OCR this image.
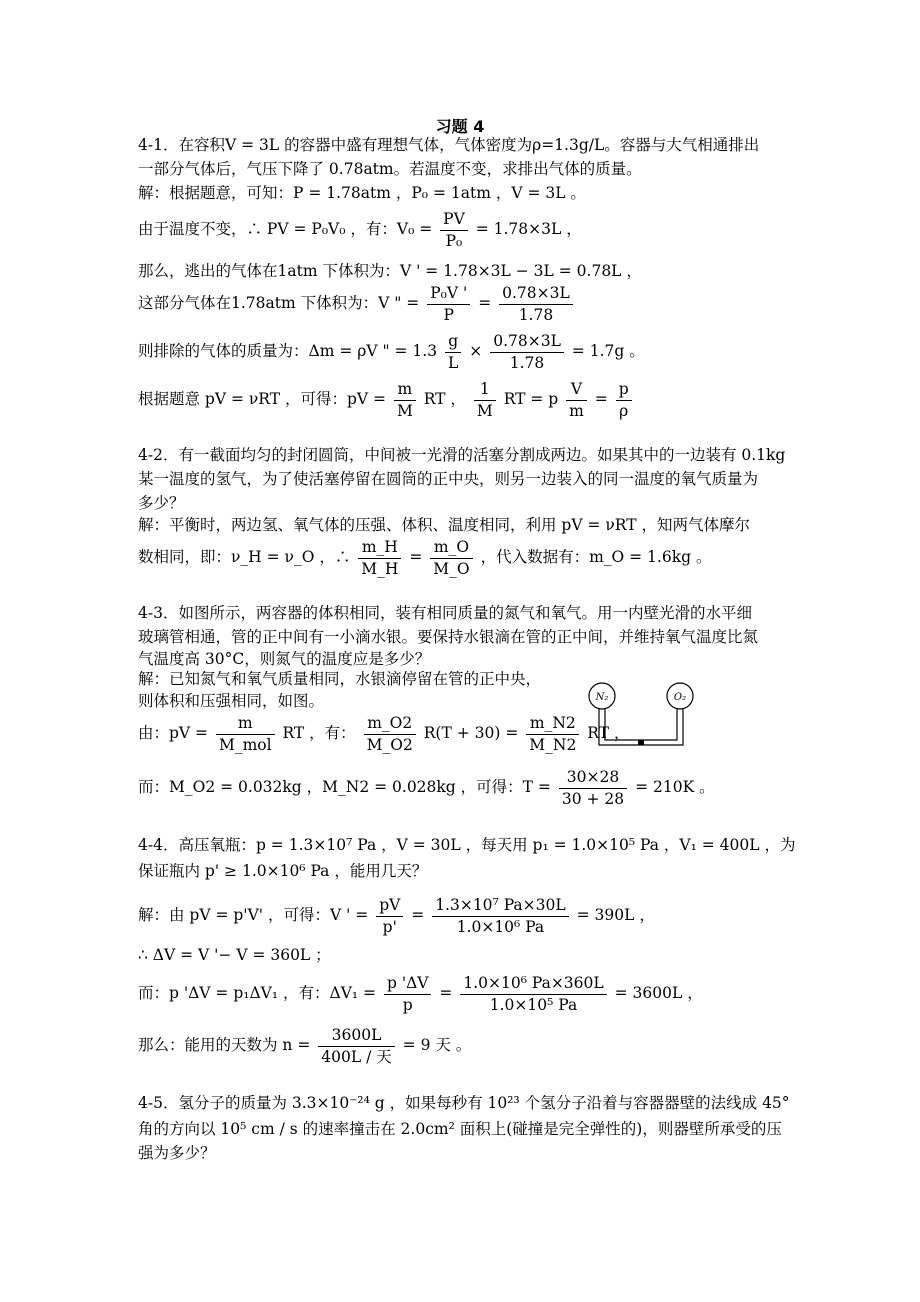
习题 4
4-1．在容积V = 3L 的容器中盛有理想气体，气体密度为ρ=1.3g/L。容器与大气相通排出
一部分气体后，气压下降了 0.78atm。若温度不变，求排出气体的质量。
解：根据题意，可知：P = 1.78atm ，P₀ = 1atm ，V = 3L 。
由于温度不变，∴ PV = P₀V₀ ，有：$V_0 = \frac{PV}{\text{P₀}} = 1.78\times 3L$ ，
那么，逃出的气体在1atm 下体积为：V ' = 1.78×3L − 3L = 0.78L ，
这部分气体在1.78atm 下体积为：V " = $\frac{\text{P₀V '}}{P} = \frac{0.78\times 3L}{1.78}$
则排除的气体的质量为：Δm = ρV " = $1.3 \frac{g}{L} \times \frac{0.78\times 3L}{1.78} = 1.7g$ 。
根据题意 pV = νRT ，可得：pV = $\frac{m}{M}$ RT ， $\frac{1}{M}$ RT = p $\frac{V}{m} = \frac{p}{\rho}$
4-2．有一截面均匀的封闭圆筒，中间被一光滑的活塞分割成两边。如果其中的一边装有 0.1kg
某一温度的氢气，为了使活塞停留在圆筒的正中央，则另一边装入的同一温度的氧气质量为
多少？
解：平衡时，两边氢、氧气体的压强、体积、温度相同，利用 pV = νRT ，知两气体摩尔
数相同，即：ν_H = ν_O ，∴ $\frac{m\_H}{M\_H} = \frac{m\_O}{M\_O}$ ，代入数据有：m_O = 1.6kg 。
4-3．如图所示，两容器的体积相同，装有相同质量的氮气和氧气。用一内壁光滑的水平细
玻璃管相通，管的正中间有一小滴水银。要保持水银滴在管的正中间，并维持氧气温度比氮
气温度高 30°C，则氮气的温度应是多少？
解：已知氮气和氧气质量相同，水银滴停留在管的正中央，
则体积和压强相同，如图。
由：pV = $\frac{m}{\text{M\_mol}}$ RT ，有： $\frac{m\_O2}{M\_O2} R(T + 30) = \frac{m\_N2}{M\_N2}$ RT ，
而：M_O2 = 0.032kg ，M_N2 = 0.028kg ，可得：$T = \frac{30\times 28}{30 + 28} = 210K$ 。
N₂	O₂
4-4．高压氧瓶：p = 1.3×10⁷ Pa ，V = 30L ，每天用 p₁ = 1.0×10⁵ Pa ，V₁ = 400L ，为
保证瓶内 p' ≥ 1.0×10⁶ Pa ，能用几天？
解：由 pV = p'V' ，可得：V ' = $\frac{pV}{p'} = \frac{\text{1.3×10⁷ Pa×30L}}{\text{1.0×10⁶ Pa}} = 390L$ ，
∴ ΔV = V '− V = 360L ；
而：p 'ΔV = p₁ΔV₁ ，有：$\Delta V_1 = \frac{p '\Delta V}{p} = \frac{\text{1.0×10⁶ Pa×360L}}{\text{1.0×10⁵ Pa}} = 3600L$ ，
那么：能用的天数为 $n = \frac{3600L}{\text{400L / 天}} = 9$ 天 。
4-5．氢分子的质量为 3.3×10⁻²⁴ g ，如果每秒有 10²³ 个氢分子沿着与容器器壁的法线成 45°
角的方向以 10⁵ cm / s 的速率撞击在 2.0cm² 面积上(碰撞是完全弹性的)，则器壁所承受的压
强为多少？
